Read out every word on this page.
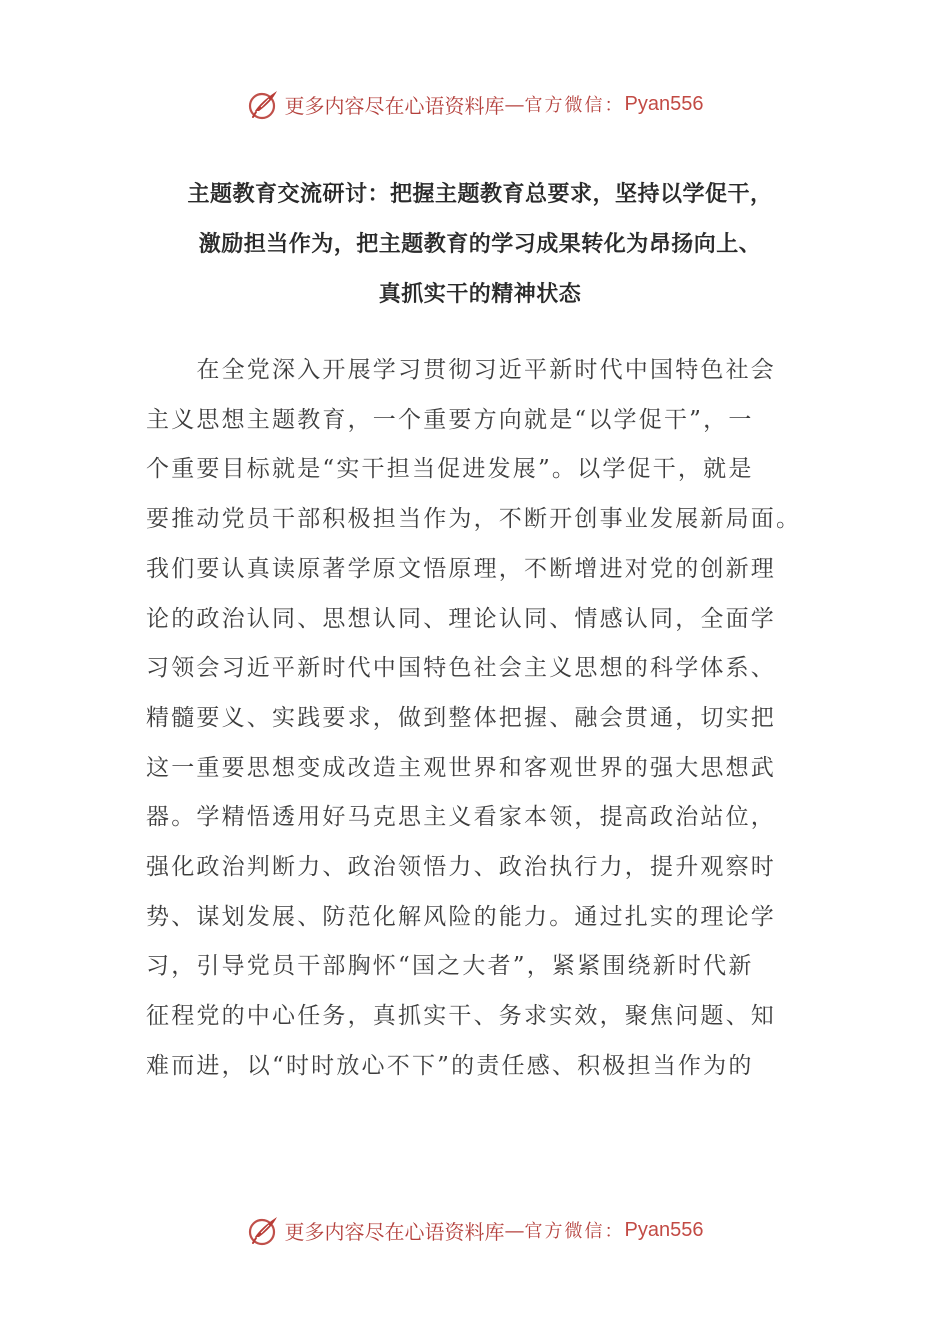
更多内容尽在心语资料库 — 官方微信： Pyan556
主题教育交流研讨：把握主题教育总要求，坚持以学促干，
激励担当作为，把主题教育的学习成果转化为昂扬向上、
真抓实干的精神状态
　　在全党深入开展学习贯彻习近平新时代中国特色社会
主义思想主题教育，一个重要方向就是“以学促干”，一
个重要目标就是“实干担当促进发展”。以学促干，就是
要推动党员干部积极担当作为，不断开创事业发展新局面。
我们要认真读原著学原文悟原理，不断增进对党的创新理
论的政治认同、思想认同、理论认同、情感认同，全面学
习领会习近平新时代中国特色社会主义思想的科学体系、
精髓要义、实践要求，做到整体把握、融会贯通，切实把
这一重要思想变成改造主观世界和客观世界的强大思想武
器。学精悟透用好马克思主义看家本领，提高政治站位，
强化政治判断力、政治领悟力、政治执行力，提升观察时
势、谋划发展、防范化解风险的能力。通过扎实的理论学
习，引导党员干部胸怀“国之大者”，紧紧围绕新时代新
征程党的中心任务，真抓实干、务求实效，聚焦问题、知
难而进，以“时时放心不下”的责任感、积极担当作为的
更多内容尽在心语资料库 — 官方微信： Pyan556
